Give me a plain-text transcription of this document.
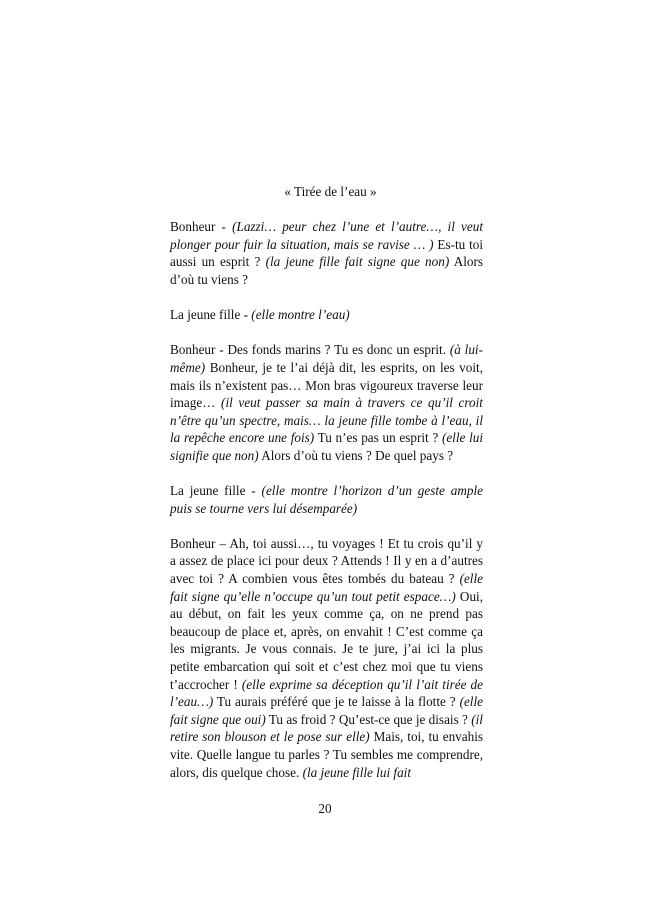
« Tirée de l’eau »
Bonheur - (Lazzi… peur chez l’une et l’autre…, il veut plonger pour fuir la situation, mais se ravise … ) Es-tu toi aussi un esprit ? (la jeune fille fait signe que non) Alors d’où tu viens ?
La jeune fille - (elle montre l’eau)
Bonheur - Des fonds marins ? Tu es donc un esprit. (à lui-même) Bonheur, je te l’ai déjà dit, les esprits, on les voit, mais ils n’existent pas… Mon bras vigoureux traverse leur image… (il veut passer sa main à travers ce qu’il croit n’être qu’un spectre, mais… la jeune fille tombe à l’eau, il la repêche encore une fois) Tu n’es pas un esprit ? (elle lui signifie que non) Alors d’où tu viens ? De quel pays ?
La jeune fille - (elle montre l’horizon d’un geste ample puis se tourne vers lui désemparée)
Bonheur – Ah, toi aussi…, tu voyages ! Et tu crois qu’il y a assez de place ici pour deux ? Attends ! Il y en a d’autres avec toi ? A combien vous êtes tombés du bateau ? (elle fait signe qu’elle n’occupe qu’un tout petit espace…) Oui, au début, on fait les yeux comme ça, on ne prend pas beaucoup de place et, après, on envahit ! C’est comme ça les migrants. Je vous connais. Je te jure, j’ai ici la plus petite embarcation qui soit et c’est chez moi que tu viens t’accrocher ! (elle exprime sa déception qu’il l’ait tirée de l’eau…) Tu aurais préféré que je te laisse à la flotte ? (elle fait signe que oui) Tu as froid ? Qu’est-ce que je disais ? (il retire son blouson et le pose sur elle) Mais, toi, tu envahis vite. Quelle langue tu parles ? Tu sembles me comprendre, alors, dis quelque chose. (la jeune fille lui fait
20
